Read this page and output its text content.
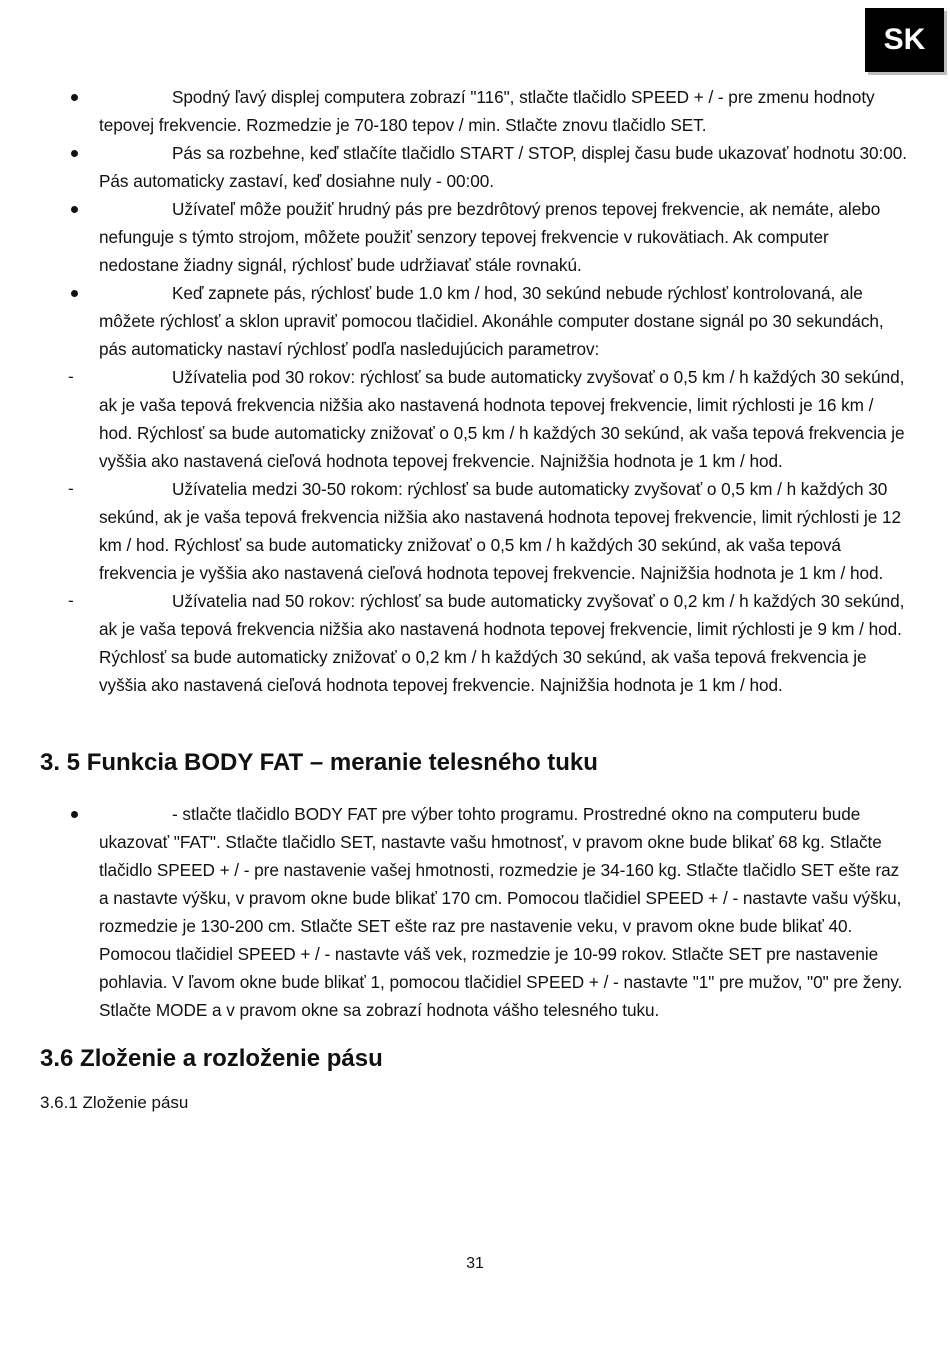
SK
Spodný ľavý displej computera zobrazí "116", stlačte tlačidlo SPEED + / - pre zmenu hodnoty tepovej frekvencie. Rozmedzie je 70-180 tepov / min. Stlačte znovu tlačidlo SET.
Pás sa rozbehne, keď stlačíte tlačidlo START / STOP, displej času bude ukazovať hodnotu 30:00. Pás automaticky zastaví, keď dosiahne nuly - 00:00.
Užívateľ môže použiť hrudný pás pre bezdrôtový prenos tepovej frekvencie, ak nemáte, alebo nefunguje s týmto strojom, môžete použiť senzory tepovej frekvencie v rukovätiach. Ak computer nedostane žiadny signál, rýchlosť bude udržiavať stále rovnakú.
Keď zapnete pás, rýchlosť bude 1.0 km / hod, 30 sekúnd nebude rýchlosť kontrolovaná, ale môžete rýchlosť a sklon upraviť pomocou tlačidiel. Akonáhle computer dostane signál po 30 sekundách, pás automaticky nastaví rýchlosť podľa nasledujúcich parametrov:
-	Užívatelia pod 30 rokov: rýchlosť sa bude automaticky zvyšovať o 0,5 km / h každých 30 sekúnd, ak je vaša tepová frekvencia nižšia ako nastavená hodnota tepovej frekvencie, limit rýchlosti je 16 km / hod. Rýchlosť sa bude automaticky znižovať o 0,5 km / h každých 30 sekúnd, ak vaša tepová frekvencia je vyššia ako nastavená cieľová hodnota tepovej frekvencie. Najnižšia hodnota je 1 km / hod.
-	Užívatelia medzi 30-50 rokom: rýchlosť sa bude automaticky zvyšovať o 0,5 km / h každých 30 sekúnd, ak je vaša tepová frekvencia nižšia ako nastavená hodnota tepovej frekvencie, limit rýchlosti je 12 km / hod. Rýchlosť sa bude automaticky znižovať o 0,5 km / h každých 30 sekúnd, ak vaša tepová frekvencia je vyššia ako nastavená cieľová hodnota tepovej frekvencie. Najnižšia hodnota je 1 km / hod.
-	Užívatelia nad 50 rokov: rýchlosť sa bude automaticky zvyšovať o 0,2 km / h každých 30 sekúnd, ak je vaša tepová frekvencia nižšia ako nastavená hodnota tepovej frekvencie, limit rýchlosti je 9 km / hod. Rýchlosť sa bude automaticky znižovať o 0,2 km / h každých 30 sekúnd, ak vaša tepová frekvencia je vyššia ako nastavená cieľová hodnota tepovej frekvencie. Najnižšia hodnota je 1 km / hod.
3. 5 Funkcia BODY FAT – meranie telesného tuku
- stlačte tlačidlo BODY FAT pre výber tohto programu. Prostredné okno na computeru bude ukazovať "FAT". Stlačte tlačidlo SET, nastavte vašu hmotnosť, v pravom okne bude blikať 68 kg. Stlačte tlačidlo SPEED + / - pre nastavenie vašej hmotnosti, rozmedzie je 34-160 kg. Stlačte tlačidlo SET ešte raz a nastavte výšku, v pravom okne bude blikať 170 cm. Pomocou tlačidiel SPEED + / - nastavte vašu výšku, rozmedzie je 130-200 cm. Stlačte SET ešte raz pre nastavenie veku, v pravom okne bude blikať 40. Pomocou tlačidiel SPEED + / - nastavte váš vek, rozmedzie je 10-99 rokov. Stlačte SET pre nastavenie pohlavia. V ľavom okne bude blikať 1, pomocou tlačidiel SPEED + / - nastavte "1" pre mužov, "0" pre ženy. Stlačte MODE a v pravom okne sa zobrazí hodnota vášho telesného tuku.
3.6 Zloženie a rozloženie pásu
3.6.1 Zloženie pásu
31
